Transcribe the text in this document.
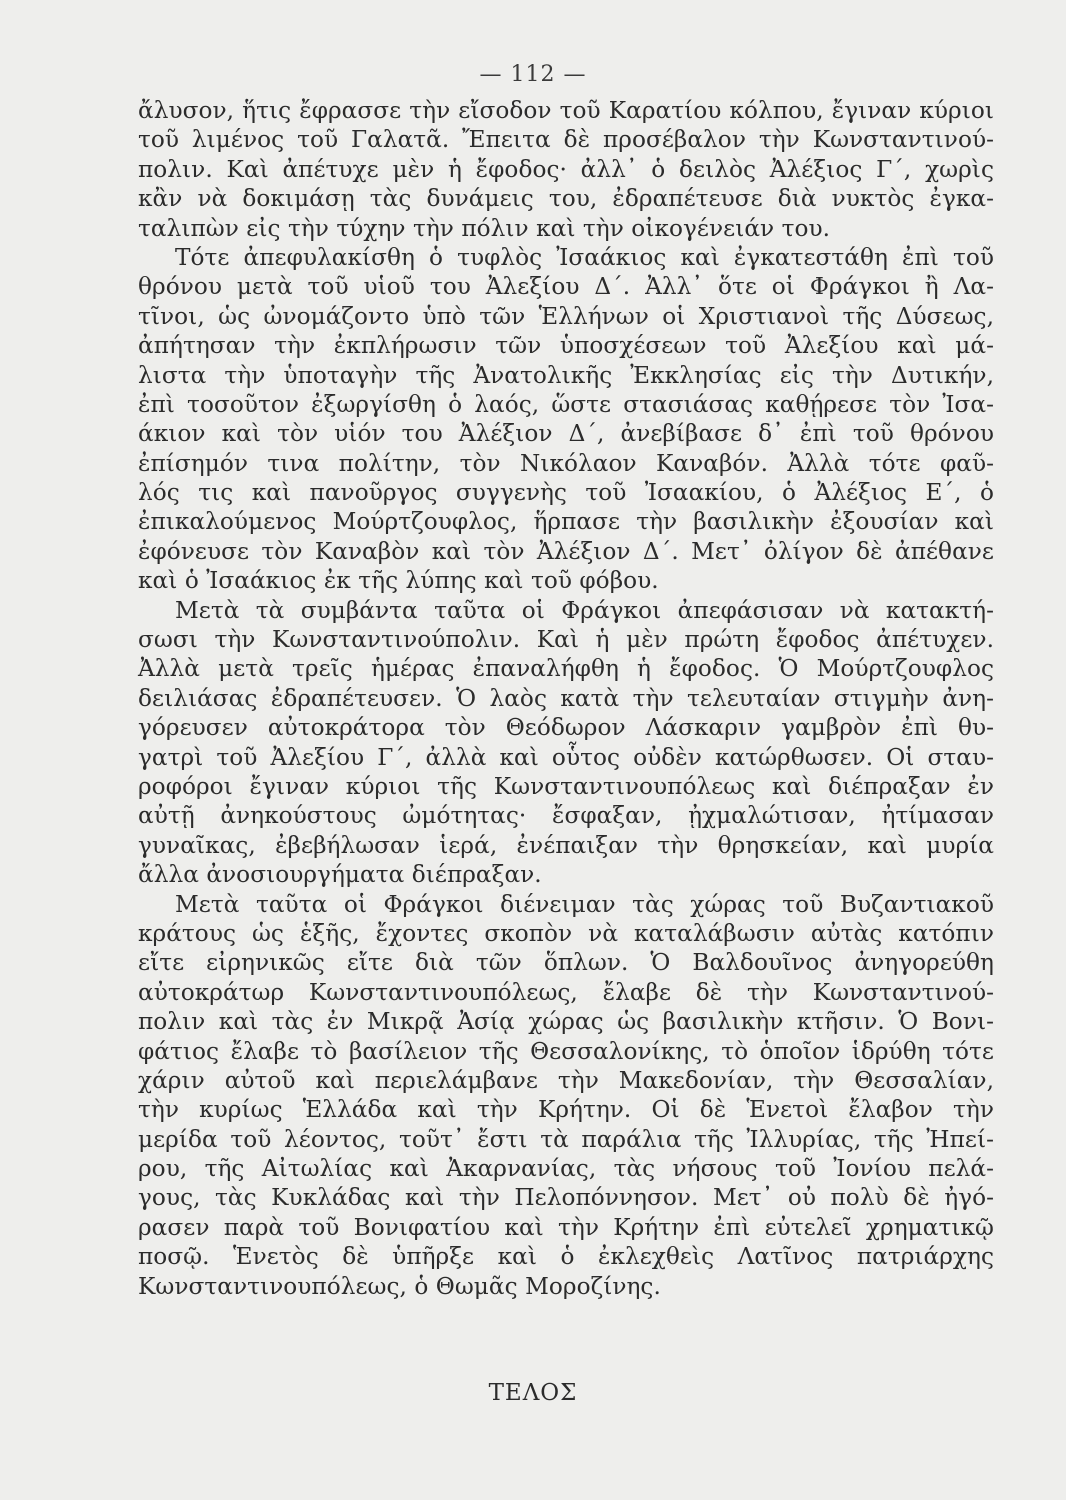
— 112 —
ἄλυσον, ἥτις ἔφρασσε τὴν εἴσοδον τοῦ Καρατίου κόλπου, ἔγιναν κύριοι
τοῦ λιμένος τοῦ Γαλατᾶ. Ἔπειτα δὲ προσέβαλον τὴν Κωνσταντινού-
πολιν. Καὶ ἀπέτυχε μὲν ἡ ἔφοδος· ἀλλ᾽ ὁ δειλὸς Ἀλέξιος Γ΄, χωρὶς
κἂν νὰ δοκιμάσῃ τὰς δυνάμεις του, ἐδραπέτευσε διὰ νυκτὸς ἐγκα-
ταλιπὼν εἰς τὴν τύχην τὴν πόλιν καὶ τὴν οἰκογένειάν του.
Τότε ἀπεφυλακίσθη ὁ τυφλὸς Ἰσαάκιος καὶ ἐγκατεστάθη ἐπὶ τοῦ
θρόνου μετὰ τοῦ υἱοῦ του Ἀλεξίου Δ΄. Ἀλλ᾽ ὅτε οἱ Φράγκοι ἢ Λα-
τῖνοι, ὡς ὠνομάζοντο ὑπὸ τῶν Ἑλλήνων οἱ Χριστιανοὶ τῆς Δύσεως,
ἀπήτησαν τὴν ἐκπλήρωσιν τῶν ὑποσχέσεων τοῦ Ἀλεξίου καὶ μά-
λιστα τὴν ὑποταγὴν τῆς Ἀνατολικῆς Ἐκκλησίας εἰς τὴν Δυτικήν,
ἐπὶ τοσοῦτον ἐξωργίσθη ὁ λαός, ὥστε στασιάσας καθῄρεσε τὸν Ἰσα-
άκιον καὶ τὸν υἱόν του Ἀλέξιον Δ΄, ἀνεβίβασε δ᾽ ἐπὶ τοῦ θρόνου
ἐπίσημόν τινα πολίτην, τὸν Νικόλαον Καναβόν. Ἀλλὰ τότε φαῦ-
λός τις καὶ πανοῦργος συγγενὴς τοῦ Ἰσαακίου, ὁ Ἀλέξιος Ε΄, ὁ
ἐπικαλούμενος Μούρτζουφλος, ἥρπασε τὴν βασιλικὴν ἐξουσίαν καὶ
ἐφόνευσε τὸν Καναβὸν καὶ τὸν Ἀλέξιον Δ΄. Μετ᾽ ὀλίγον δὲ ἀπέθανε
καὶ ὁ Ἰσαάκιος ἐκ τῆς λύπης καὶ τοῦ φόβου.
Μετὰ τὰ συμβάντα ταῦτα οἱ Φράγκοι ἀπεφάσισαν νὰ κατακτή-
σωσι τὴν Κωνσταντινούπολιν. Καὶ ἡ μὲν πρώτη ἔφοδος ἀπέτυχεν.
Ἀλλὰ μετὰ τρεῖς ἡμέρας ἐπαναλήφθη ἡ ἔφοδος. Ὁ Μούρτζουφλος
δειλιάσας ἐδραπέτευσεν. Ὁ λαὸς κατὰ τὴν τελευταίαν στιγμὴν ἀνη-
γόρευσεν αὐτοκράτορα τὸν Θεόδωρον Λάσκαριν γαμβρὸν ἐπὶ θυ-
γατρὶ τοῦ Ἀλεξίου Γ΄, ἀλλὰ καὶ οὗτος οὐδὲν κατώρθωσεν. Οἱ σταυ-
ροφόροι ἔγιναν κύριοι τῆς Κωνσταντινουπόλεως καὶ διέπραξαν ἐν
αὐτῇ ἀνηκούστους ὠμότητας· ἔσφαξαν, ᾐχμαλώτισαν, ἠτίμασαν
γυναῖκας, ἐβεβήλωσαν ἱερά, ἐνέπαιξαν τὴν θρησκείαν, καὶ μυρία
ἄλλα ἀνοσιουργήματα διέπραξαν.
Μετὰ ταῦτα οἱ Φράγκοι διένειμαν τὰς χώρας τοῦ Βυζαντιακοῦ
κράτους ὡς ἑξῆς, ἔχοντες σκοπὸν νὰ καταλάβωσιν αὐτὰς κατόπιν
εἴτε εἰρηνικῶς εἴτε διὰ τῶν ὅπλων. Ὁ Βαλδουῖνος ἀνηγορεύθη
αὐτοκράτωρ Κωνσταντινουπόλεως, ἔλαβε δὲ τὴν Κωνσταντινού-
πολιν καὶ τὰς ἐν Μικρᾷ Ἀσίᾳ χώρας ὡς βασιλικὴν κτῆσιν. Ὁ Βονι-
φάτιος ἔλαβε τὸ βασίλειον τῆς Θεσσαλονίκης, τὸ ὁποῖον ἱδρύθη τότε
χάριν αὐτοῦ καὶ περιελάμβανε τὴν Μακεδονίαν, τὴν Θεσσαλίαν,
τὴν κυρίως Ἑλλάδα καὶ τὴν Κρήτην. Οἱ δὲ Ἑνετοὶ ἔλαβον τὴν
μερίδα τοῦ λέοντος, τοῦτ᾽ ἔστι τὰ παράλια τῆς Ἰλλυρίας, τῆς Ἠπεί-
ρου, τῆς Αἰτωλίας καὶ Ἀκαρνανίας, τὰς νήσους τοῦ Ἰονίου πελά-
γους, τὰς Κυκλάδας καὶ τὴν Πελοπόννησον. Μετ᾽ οὐ πολὺ δὲ ἠγό-
ρασεν παρὰ τοῦ Βονιφατίου καὶ τὴν Κρήτην ἐπὶ εὐτελεῖ χρηματικῷ
ποσῷ. Ἑνετὸς δὲ ὑπῆρξε καὶ ὁ ἐκλεχθεὶς Λατῖνος πατριάρχης
Κωνσταντινουπόλεως, ὁ Θωμᾶς Μοροζίνης.
ΤΕΛΟΣ
